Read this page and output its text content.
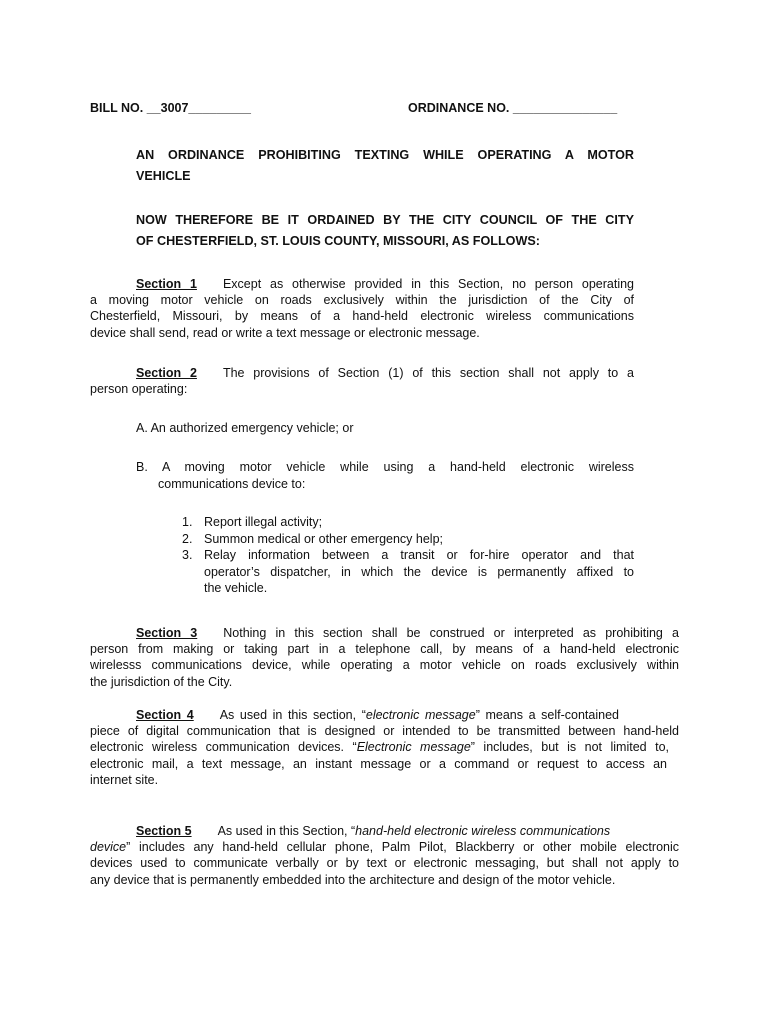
BILL NO. __3007_________	ORDINANCE NO. _______________
AN ORDINANCE PROHIBITING TEXTING WHILE OPERATING A MOTOR
VEHICLE
NOW THEREFORE BE IT ORDAINED BY THE CITY COUNCIL OF THE CITY
OF CHESTERFIELD, ST. LOUIS COUNTY, MISSOURI, AS FOLLOWS:
Section 1 Except as otherwise provided in this Section, no person operating
a moving motor vehicle on roads exclusively within the jurisdiction of the City of
Chesterfield, Missouri, by means of a hand-held electronic wireless communications
device shall send, read or write a text message or electronic message.
Section 2 The provisions of Section (1) of this section shall not apply to a
person operating:
A. An authorized emergency vehicle; or
B. A moving motor vehicle while using a hand-held electronic wireless
communications device to:
1. Report illegal activity;
2. Summon medical or other emergency help;
3. Relay information between a transit or for-hire operator and that
operator’s dispatcher, in which the device is permanently affixed to
the vehicle.
Section 3 Nothing in this section shall be construed or interpreted as prohibiting a
person from making or taking part in a telephone call, by means of a hand-held electronic
wirelesss communications device, while operating a motor vehicle on roads exclusively within
the jurisdiction of the City.
Section 4 As used in this section, “electronic message” means a self-contained
piece of digital communication that is designed or intended to be transmitted between hand-held
electronic wireless communication devices. “Electronic message” includes, but is not limited to,
electronic mail, a text message, an instant message or a command or request to access an
internet site.
Section 5 As used in this Section, “hand-held electronic wireless communications
device” includes any hand-held cellular phone, Palm Pilot, Blackberry or other mobile electronic
devices used to communicate verbally or by text or electronic messaging, but shall not apply to
any device that is permanently embedded into the architecture and design of the motor vehicle.
